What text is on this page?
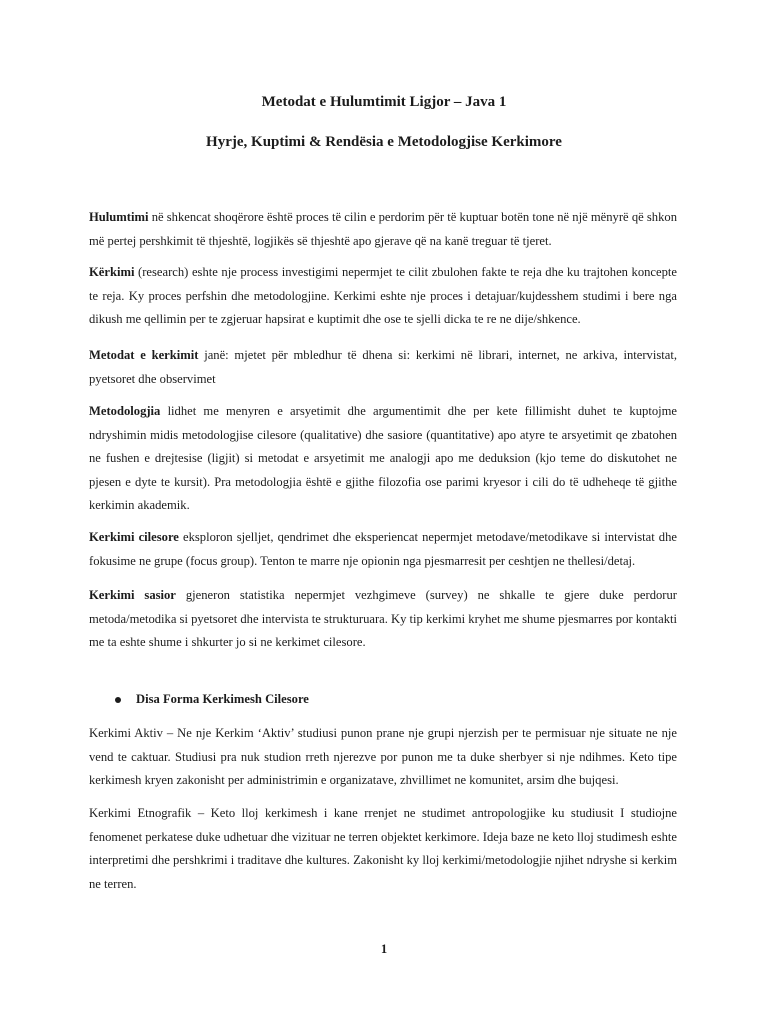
Metodat e Hulumtimit Ligjor – Java 1
Hyrje, Kuptimi & Rendësia e Metodologjise Kerkimore
Hulumtimi në shkencat shoqërore është proces të cilin e perdorim për të kuptuar botën tone në një mënyrë që shkon
më pertej pershkimit të thjeshtë, logjikës së thjeshtë apo gjerave që na kanë treguar të tjeret.
Kërkimi (research) eshte nje process investigimi nepermjet te cilit zbulohen fakte te reja dhe ku trajtohen koncepte
te reja. Ky proces perfshin dhe metodologjine. Kerkimi eshte nje proces i detajuar/kujdesshem studimi i bere nga
dikush me qellimin per te zgjeruar hapsirat e kuptimit dhe ose te sjelli dicka te re ne dije/shkence.
Metodat e kerkimit janë: mjetet për mbledhur të dhena si: kerkimi në librari, internet, ne arkiva, intervistat,
pyetsoret dhe observimet
Metodologjia lidhet me menyren e arsyetimit dhe argumentimit dhe per kete fillimisht duhet te kuptojme
ndryshimin midis metodologjise cilesore (qualitative) dhe sasiore (quantitative) apo atyre te arsyetimit qe zbatohen
ne fushen e drejtesise (ligjit) si metodat e arsyetimit me analogji apo me deduksion (kjo teme do diskutohet ne
pjesen e dyte te kursit). Pra metodologjia është e gjithe filozofia ose parimi kryesor i cili do të udheheqe të gjithe
kerkimin akademik.
Kerkimi cilesore eksploron sjelljet, qendrimet dhe eksperiencat nepermjet metodave/metodikave si intervistat dhe
fokusime ne grupe (focus group). Tenton te marre nje opionin nga pjesmarresit per ceshtjen ne thellesi/detaj.
Kerkimi sasior gjeneron statistika nepermjet vezhgimeve (survey) ne shkalle te gjere duke perdorur
metoda/metodika si pyetsoret dhe intervista te strukturuara. Ky tip kerkimi kryhet me shume pjesmarres por kontakti
me ta eshte shume i shkurter jo si ne kerkimet cilesore.
Disa Forma Kerkimesh Cilesore
Kerkimi Aktiv – Ne nje Kerkim ‘Aktiv’ studiusi punon prane nje grupi njerzish per te permisuar nje situate ne nje
vend te caktuar. Studiusi pra nuk studion rreth njerezve por punon me ta duke sherbyer si nje ndihmes. Keto tipe
kerkimesh kryen zakonisht per administrimin e organizatave, zhvillimet ne komunitet, arsim dhe bujqesi.
Kerkimi Etnografik – Keto lloj kerkimesh i kane rrenjet ne studimet antropologjike ku studiusit I studiojne
fenomenet perkatese duke udhetuar dhe vizituar ne terren objektet kerkimore. Ideja baze ne keto lloj studimesh eshte
interpretimi dhe pershkrimi i traditave dhe kultures. Zakonisht ky lloj kerkimi/metodologjie njihet ndryshe si kerkim
ne terren.
1
